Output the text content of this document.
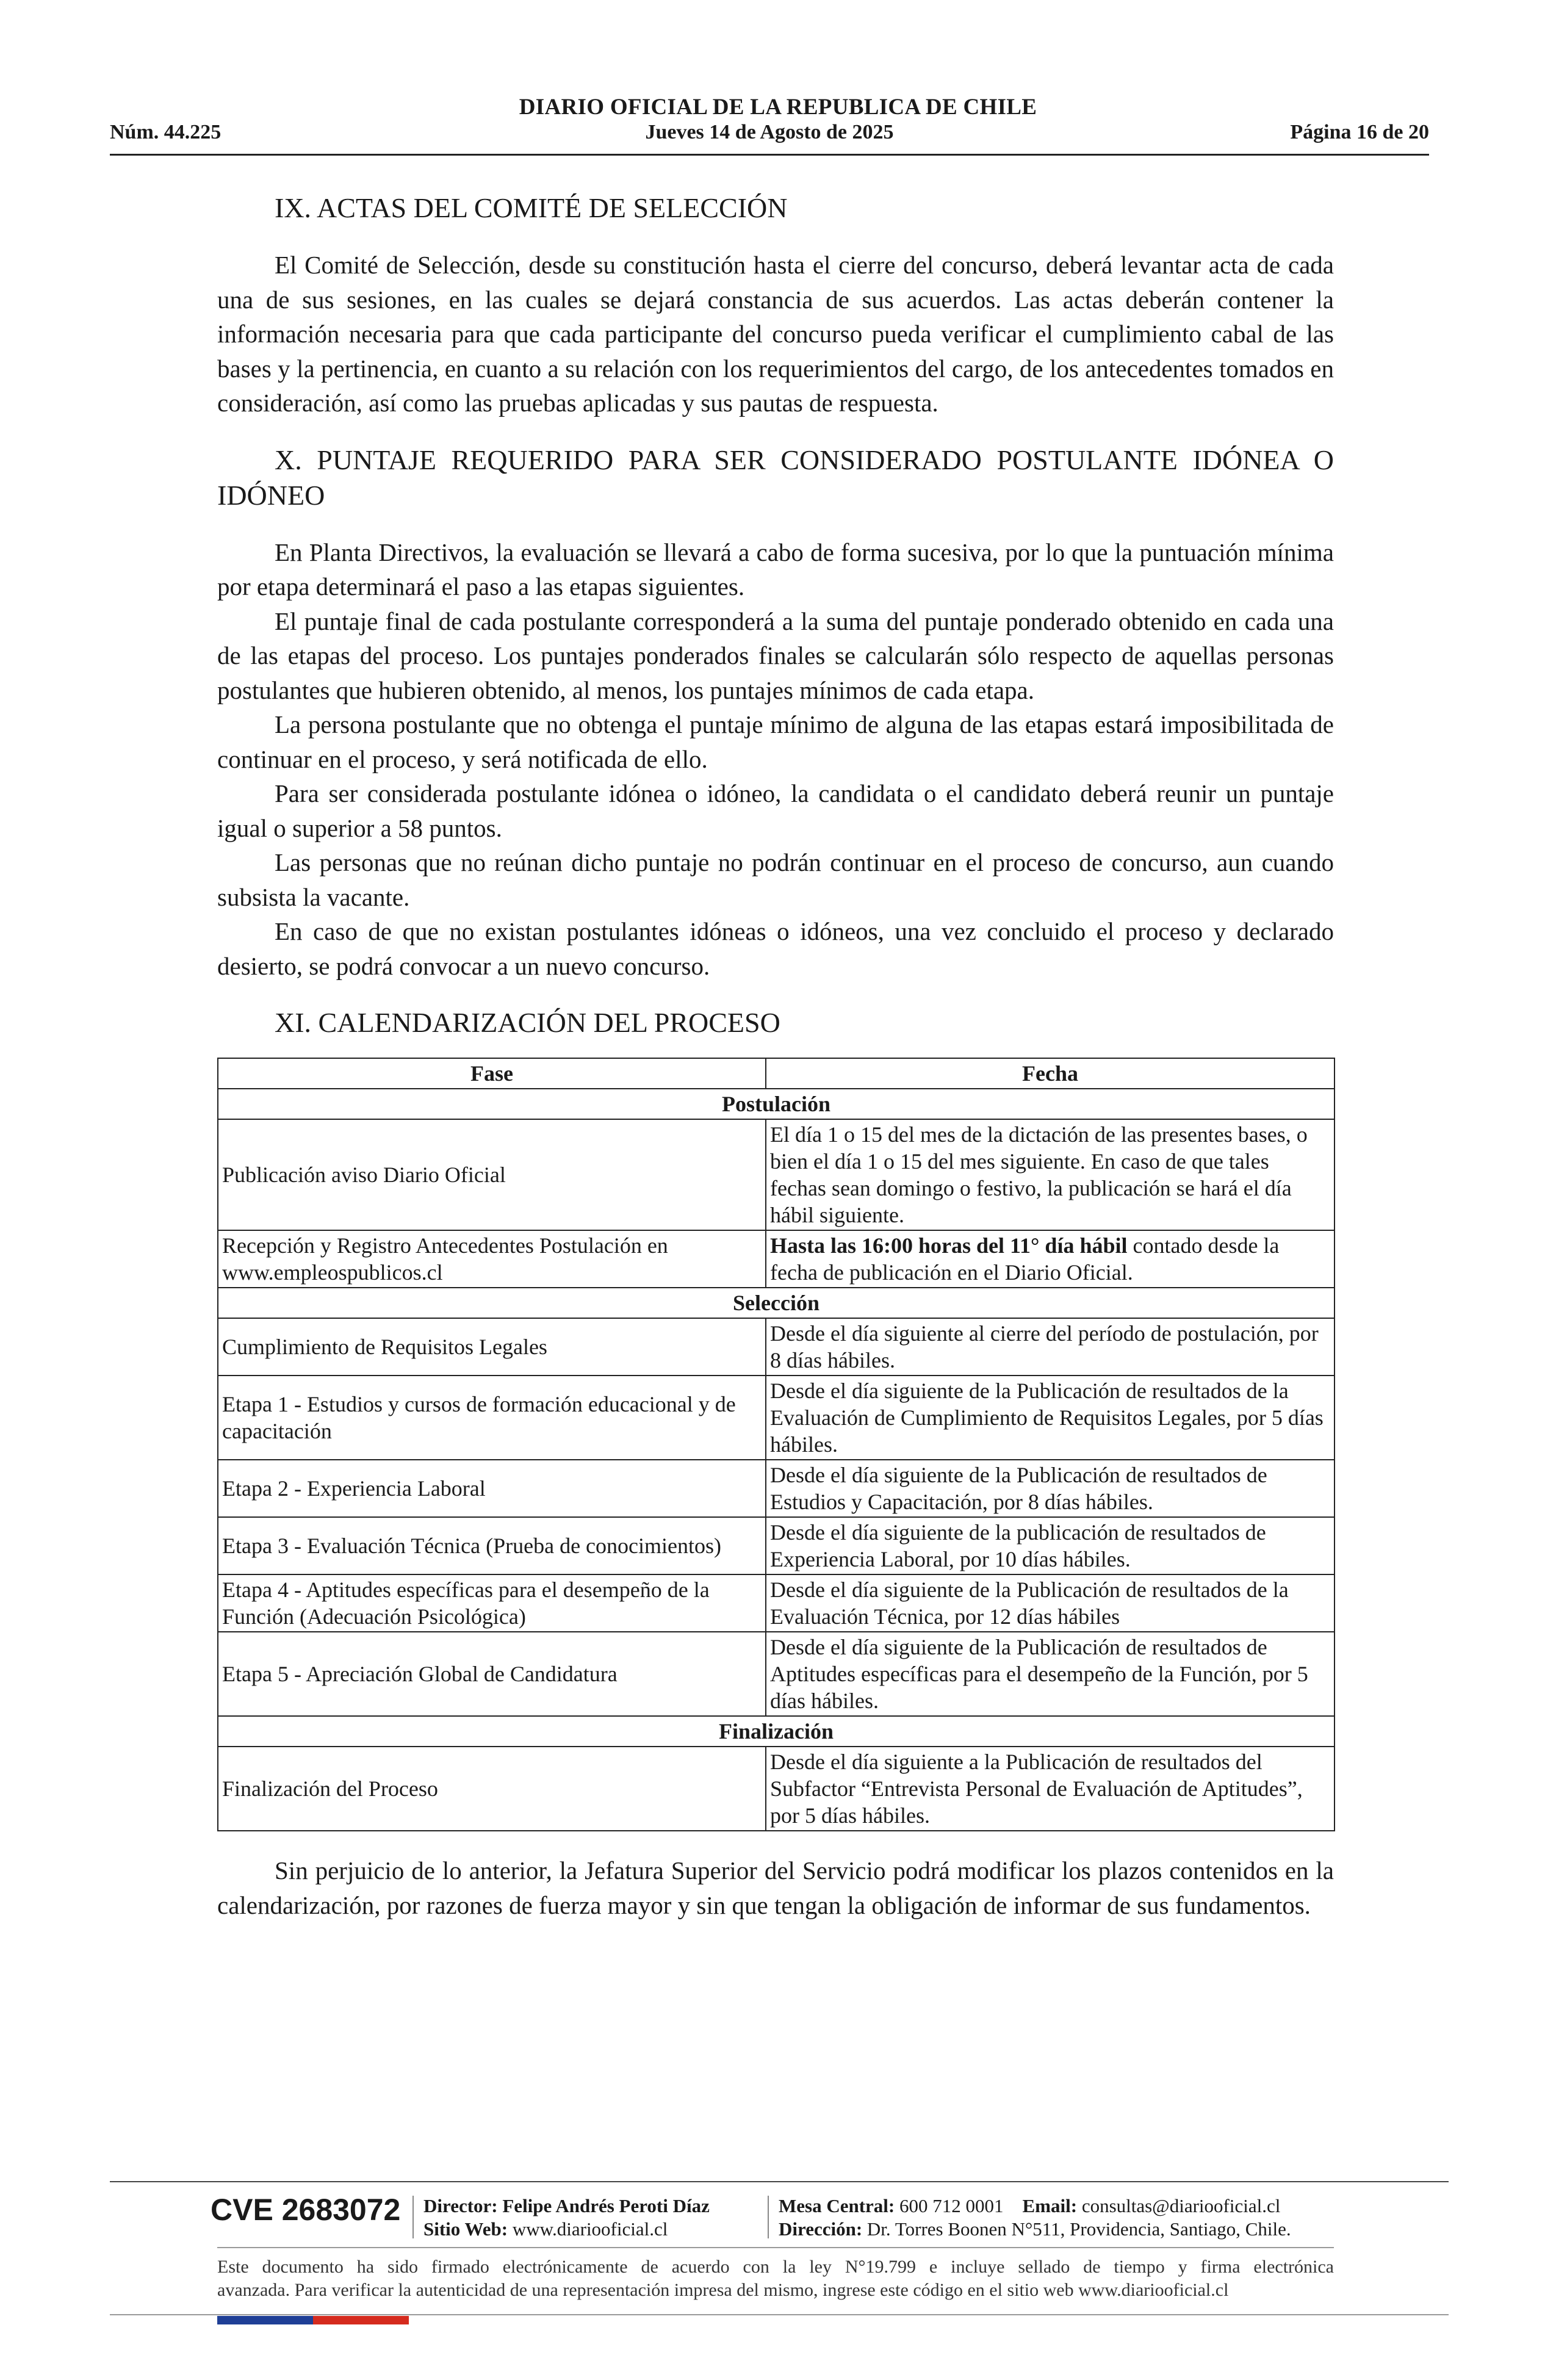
DIARIO OFICIAL DE LA REPUBLICA DE CHILE
Jueves 14 de Agosto de 2025
Núm. 44.225	Página 16 de 20

IX. ACTAS DEL COMITÉ DE SELECCIÓN

El Comité de Selección, desde su constitución hasta el cierre del concurso, deberá levantar acta de cada una de sus sesiones, en las cuales se dejará constancia de sus acuerdos. Las actas deberán contener la información necesaria para que cada participante del concurso pueda verificar el cumplimiento cabal de las bases y la pertinencia, en cuanto a su relación con los requerimientos del cargo, de los antecedentes tomados en consideración, así como las pruebas aplicadas y sus pautas de respuesta.

X. PUNTAJE REQUERIDO PARA SER CONSIDERADO POSTULANTE IDÓNEA O IDÓNEO

En Planta Directivos, la evaluación se llevará a cabo de forma sucesiva, por lo que la puntuación mínima por etapa determinará el paso a las etapas siguientes.

El puntaje final de cada postulante corresponderá a la suma del puntaje ponderado obtenido en cada una de las etapas del proceso. Los puntajes ponderados finales se calcularán sólo respecto de aquellas personas postulantes que hubieren obtenido, al menos, los puntajes mínimos de cada etapa.

La persona postulante que no obtenga el puntaje mínimo de alguna de las etapas estará imposibilitada de continuar en el proceso, y será notificada de ello.

Para ser considerada postulante idónea o idóneo, la candidata o el candidato deberá reunir un puntaje igual o superior a 58 puntos.

Las personas que no reúnan dicho puntaje no podrán continuar en el proceso de concurso, aun cuando subsista la vacante.

En caso de que no existan postulantes idóneas o idóneos, una vez concluido el proceso y declarado desierto, se podrá convocar a un nuevo concurso.

XI. CALENDARIZACIÓN DEL PROCESO

Fase	Fecha
Postulación	
Publicación aviso Diario Oficial	El día 1 o 15 del mes de la dictación de las presentes bases, o bien el día 1 o 15 del mes siguiente. En caso de que tales fechas sean domingo o festivo, la publicación se hará el día hábil siguiente.
Recepción y Registro Antecedentes Postulación en www.empleospublicos.cl	Hasta las 16:00 horas del 11° día hábil contado desde la fecha de publicación en el Diario Oficial.
Selección	
Cumplimiento de Requisitos Legales	Desde el día siguiente al cierre del período de postulación, por 8 días hábiles.
Etapa 1 - Estudios y cursos de formación educacional y de capacitación	Desde el día siguiente de la Publicación de resultados de la Evaluación de Cumplimiento de Requisitos Legales, por 5 días hábiles.
Etapa 2 - Experiencia Laboral	Desde el día siguiente de la Publicación de resultados de Estudios y Capacitación, por 8 días hábiles.
Etapa 3 - Evaluación Técnica (Prueba de conocimientos)	Desde el día siguiente de la publicación de resultados de Experiencia Laboral, por 10 días hábiles.
Etapa 4 - Aptitudes específicas para el desempeño de la Función (Adecuación Psicológica)	Desde el día siguiente de la Publicación de resultados de la Evaluación Técnica, por 12 días hábiles
Etapa 5 - Apreciación Global de Candidatura	Desde el día siguiente de la Publicación de resultados de Aptitudes específicas para el desempeño de la Función, por 5 días hábiles.
Finalización	
Finalización del Proceso	Desde el día siguiente a la Publicación de resultados del Subfactor “Entrevista Personal de Evaluación de Aptitudes”, por 5 días hábiles.

Sin perjuicio de lo anterior, la Jefatura Superior del Servicio podrá modificar los plazos contenidos en la calendarización, por razones de fuerza mayor y sin que tengan la obligación de informar de sus fundamentos.

CVE 2683072 Director: Felipe Andrés Peroti Díaz
Sitio Web: www.diariooficial.cl
Mesa Central: 600 712 0001 Email: consultas@diariooficial.cl
Dirección: Dr. Torres Boonen N°511, Providencia, Santiago, Chile.
Este documento ha sido firmado electrónicamente de acuerdo con la ley N°19.799 e incluye sellado de tiempo y firma electrónica
avanzada. Para verificar la autenticidad de una representación impresa del mismo, ingrese este código en el sitio web www.diariooficial.cl
